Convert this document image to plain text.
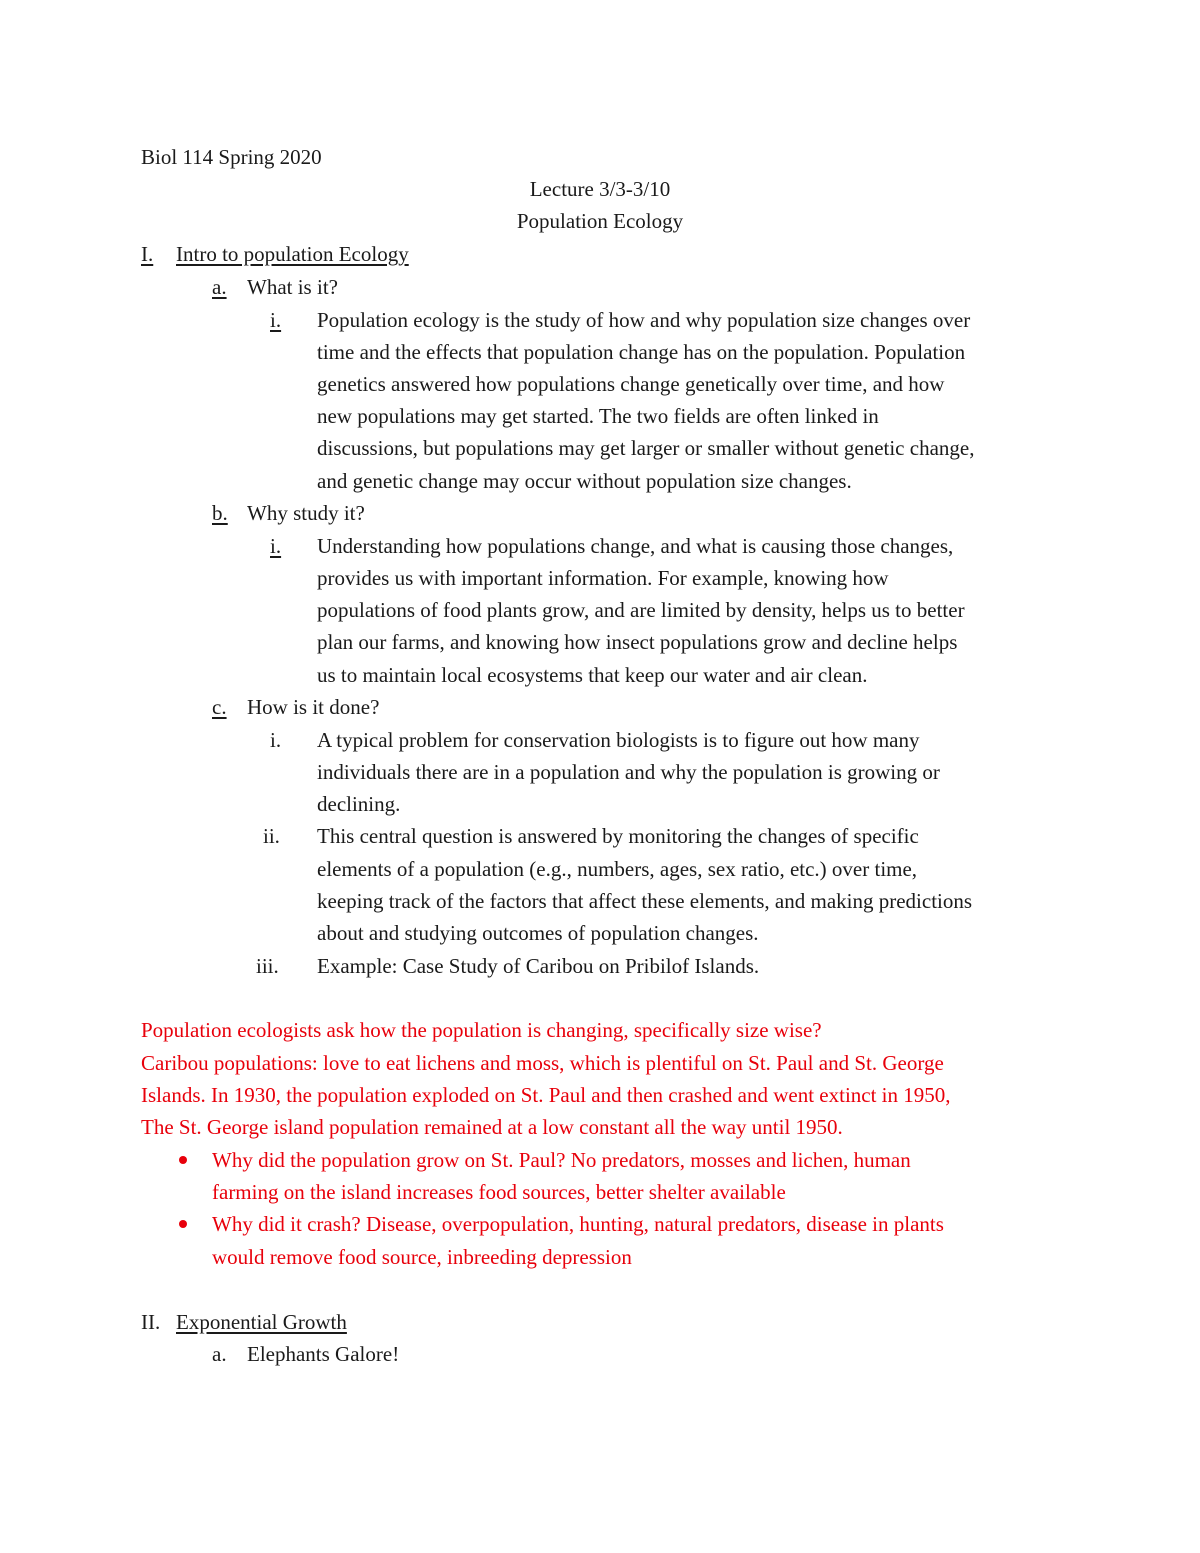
Biol 114 Spring 2020
Lecture 3/3-3/10
Population Ecology
I. Intro to population Ecology
a. What is it?
i. Population ecology is the study of how and why population size changes over
time and the effects that population change has on the population. Population
genetics answered how populations change genetically over time, and how
new populations may get started. The two fields are often linked in
discussions, but populations may get larger or smaller without genetic change,
and genetic change may occur without population size changes.
b. Why study it?
i. Understanding how populations change, and what is causing those changes,
provides us with important information. For example, knowing how
populations of food plants grow, and are limited by density, helps us to better
plan our farms, and knowing how insect populations grow and decline helps
us to maintain local ecosystems that keep our water and air clean.
c. How is it done?
i. A typical problem for conservation biologists is to figure out how many
individuals there are in a population and why the population is growing or
declining.
ii. This central question is answered by monitoring the changes of specific
elements of a population (e.g., numbers, ages, sex ratio, etc.) over time,
keeping track of the factors that affect these elements, and making predictions
about and studying outcomes of population changes.
iii. Example: Case Study of Caribou on Pribilof Islands.
Population ecologists ask how the population is changing, specifically size wise?
Caribou populations: love to eat lichens and moss, which is plentiful on St. Paul and St. George
Islands. In 1930, the population exploded on St. Paul and then crashed and went extinct in 1950,
The St. George island population remained at a low constant all the way until 1950.
Why did the population grow on St. Paul? No predators, mosses and lichen, human
farming on the island increases food sources, better shelter available
Why did it crash? Disease, overpopulation, hunting, natural predators, disease in plants
would remove food source, inbreeding depression
II. Exponential Growth
a. Elephants Galore!
